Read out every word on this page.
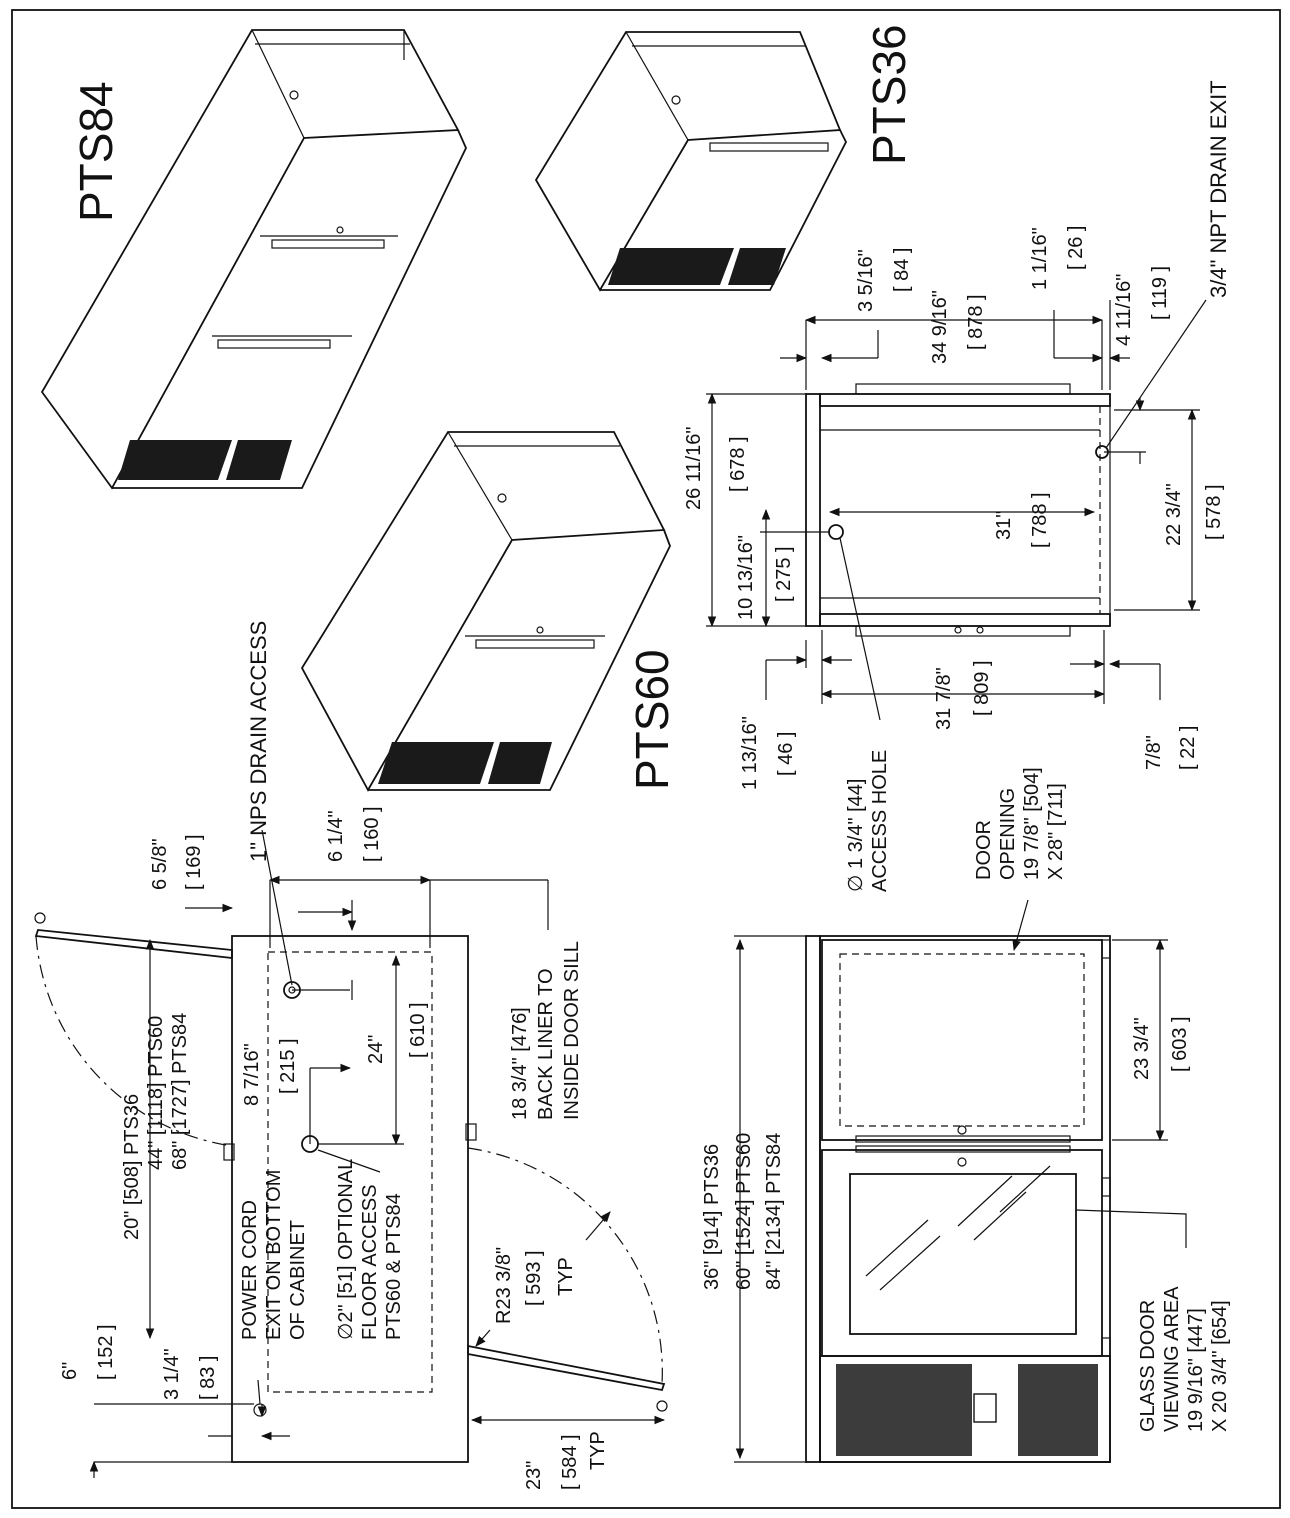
PTS84	PTS36
PTS60
6 5/8" [ 169 ]
1" NPS DRAIN ACCESS	6 1/4" [ 160 ]
20" [508] PTS36 44" [1118] PTS60 68" [1727] PTS84	8 7/16" [ 215 ]	24" [ 610 ]
POWER CORD EXIT ON BOTTOM OF CABINET ∅2" [51] OPTIONAL FLOOR ACCESS PTS60 & PTS84
18 3/4" [476] BACK LINER TO INSIDE DOOR SILL
R23 3/8" [ 593 ] TYP
23" [ 584 ] TYP
6" [ 152 ] 3 1/4" [ 83 ]
26 11/16" [ 678 ]
10 13/16" [ 275 ]
1 13/16" [ 46 ]
∅ 1 3/4" [44] ACCESS HOLE
31 7/8" [ 809 ]
31" [ 788 ]
7/8" [ 22 ]
22 3/4" [ 578 ]
3 5/16" [ 84 ]
34 9/16" [ 878 ]
1 1/16" [ 26 ]
4 11/16" [ 119 ] 3/4" NPT DRAIN EXIT
DOOR OPENING 19 7/8" [504] X 28" [711]
36" [914] PTS36 60" [1524] PTS60 84" [2134] PTS84
23 3/4" [ 603 ]
GLASS DOOR VIEWING AREA 19 9/16" [447] X 20 3/4" [654]
